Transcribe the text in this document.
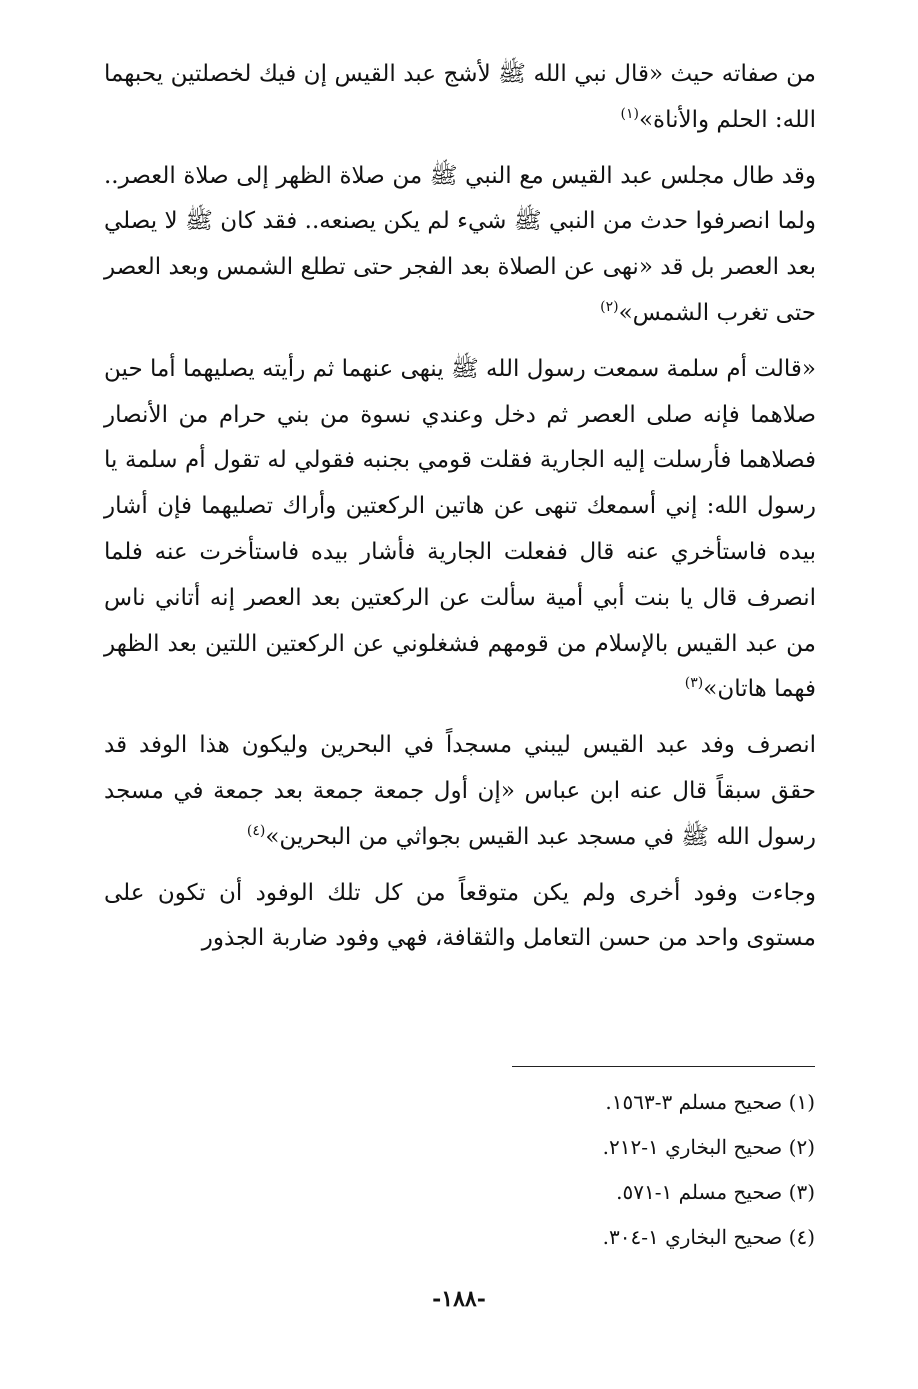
من صفاته حيث «قال نبي الله ﷺ لأشج عبد القيس إن فيك لخصلتين يحبهما الله: الحلم والأناة»$^{(١)}$

وقد طال مجلس عبد القيس مع النبي ﷺ من صلاة الظهر إلى صلاة العصر.. ولما انصرفوا حدث من النبي ﷺ شيء لم يكن يصنعه.. فقد كان ﷺ لا يصلي بعد العصر بل قد «نهى عن الصلاة بعد الفجر حتى تطلع الشمس وبعد العصر حتى تغرب الشمس»$^{(٢)}$

«قالت أم سلمة سمعت رسول الله ﷺ ينهى عنهما ثم رأيته يصليهما أما حين صلاهما فإنه صلى العصر ثم دخل وعندي نسوة من بني حرام من الأنصار فصلاهما فأرسلت إليه الجارية فقلت قومي بجنبه فقولي له تقول أم سلمة يا رسول الله: إني أسمعك تنهى عن هاتين الركعتين وأراك تصليهما فإن أشار بيده فاستأخري عنه قال ففعلت الجارية فأشار بيده فاستأخرت عنه فلما انصرف قال يا بنت أبي أمية سألت عن الركعتين بعد العصر إنه أتاني ناس من عبد القيس بالإسلام من قومهم فشغلوني عن الركعتين اللتين بعد الظهر فهما هاتان»$^{(٣)}$

انصرف وفد عبد القيس ليبني مسجداً في البحرين وليكون هذا الوفد قد حقق سبقاً قال عنه ابن عباس «إن أول جمعة جمعة بعد جمعة في مسجد رسول الله ﷺ في مسجد عبد القيس بجواثي من البحرين»$^{(٤)}$

وجاءت وفود أخرى ولم يكن متوقعاً من كل تلك الوفود أن تكون على مستوى واحد من حسن التعامل والثقافة، فهي وفود ضاربة الجذور

(١) صحيح مسلم ٣-١٥٦٣.

(٢) صحيح البخاري ١-٢١٢.

(٣) صحيح مسلم ١-٥٧١.

(٤) صحيح البخاري ١-٣٠٤.

-١٨٨-
